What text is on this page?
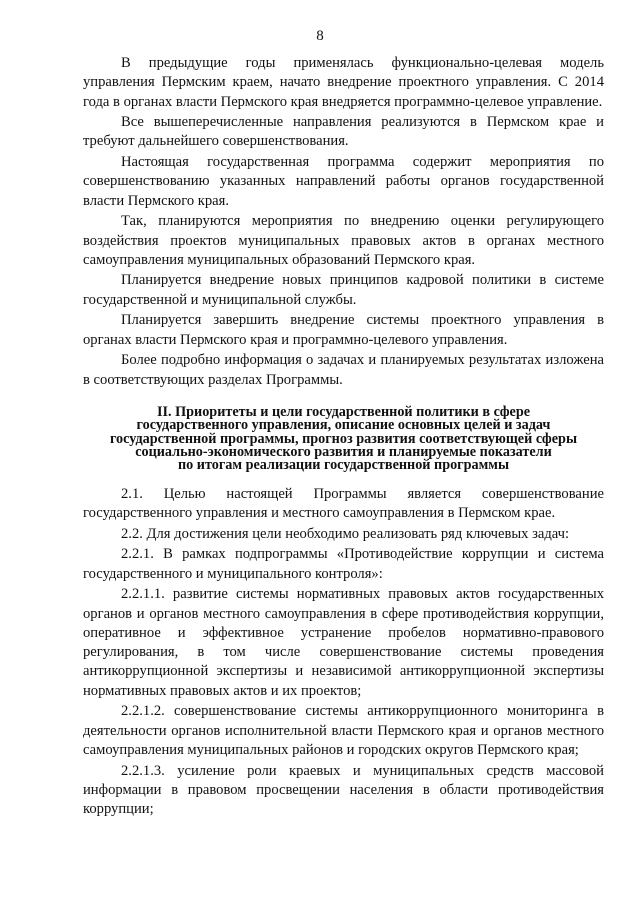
8

В предыдущие годы применялась функционально-целевая модель управления Пермским краем, начато внедрение проектного управления. С 2014 года в органах власти Пермского края внедряется программно-целевое управление.

Все вышеперечисленные направления реализуются в Пермском крае и требуют дальнейшего совершенствования.

Настоящая государственная программа содержит мероприятия по совершенствованию указанных направлений работы органов государственной власти Пермского края.

Так, планируются мероприятия по внедрению оценки регулирующего воздействия проектов муниципальных правовых актов в органах местного самоуправления муниципальных образований Пермского края.

Планируется внедрение новых принципов кадровой политики в системе государственной и муниципальной службы.

Планируется завершить внедрение системы проектного управления в органах власти Пермского края и программно-целевого управления.

Более подробно информация о задачах и планируемых результатах изложена в соответствующих разделах Программы.

II. Приоритеты и цели государственной политики в сфере
государственного управления, описание основных целей и задач
государственной программы, прогноз развития соответствующей сферы
социально-экономического развития и планируемые показатели
по итогам реализации государственной программы

2.1. Целью настоящей Программы является совершенствование государственного управления и местного самоуправления в Пермском крае.

2.2. Для достижения цели необходимо реализовать ряд ключевых задач:

2.2.1. В рамках подпрограммы «Противодействие коррупции и система государственного и муниципального контроля»:

2.2.1.1. развитие системы нормативных правовых актов государственных органов и органов местного самоуправления в сфере противодействия коррупции, оперативное и эффективное устранение пробелов нормативно-правового регулирования, в том числе совершенствование системы проведения антикоррупционной экспертизы и независимой антикоррупционной экспертизы нормативных правовых актов и их проектов;

2.2.1.2. совершенствование системы антикоррупционного мониторинга в деятельности органов исполнительной власти Пермского края и органов местного самоуправления муниципальных районов и городских округов Пермского края;

2.2.1.3. усиление роли краевых и муниципальных средств массовой информации в правовом просвещении населения в области противодействия коррупции;
